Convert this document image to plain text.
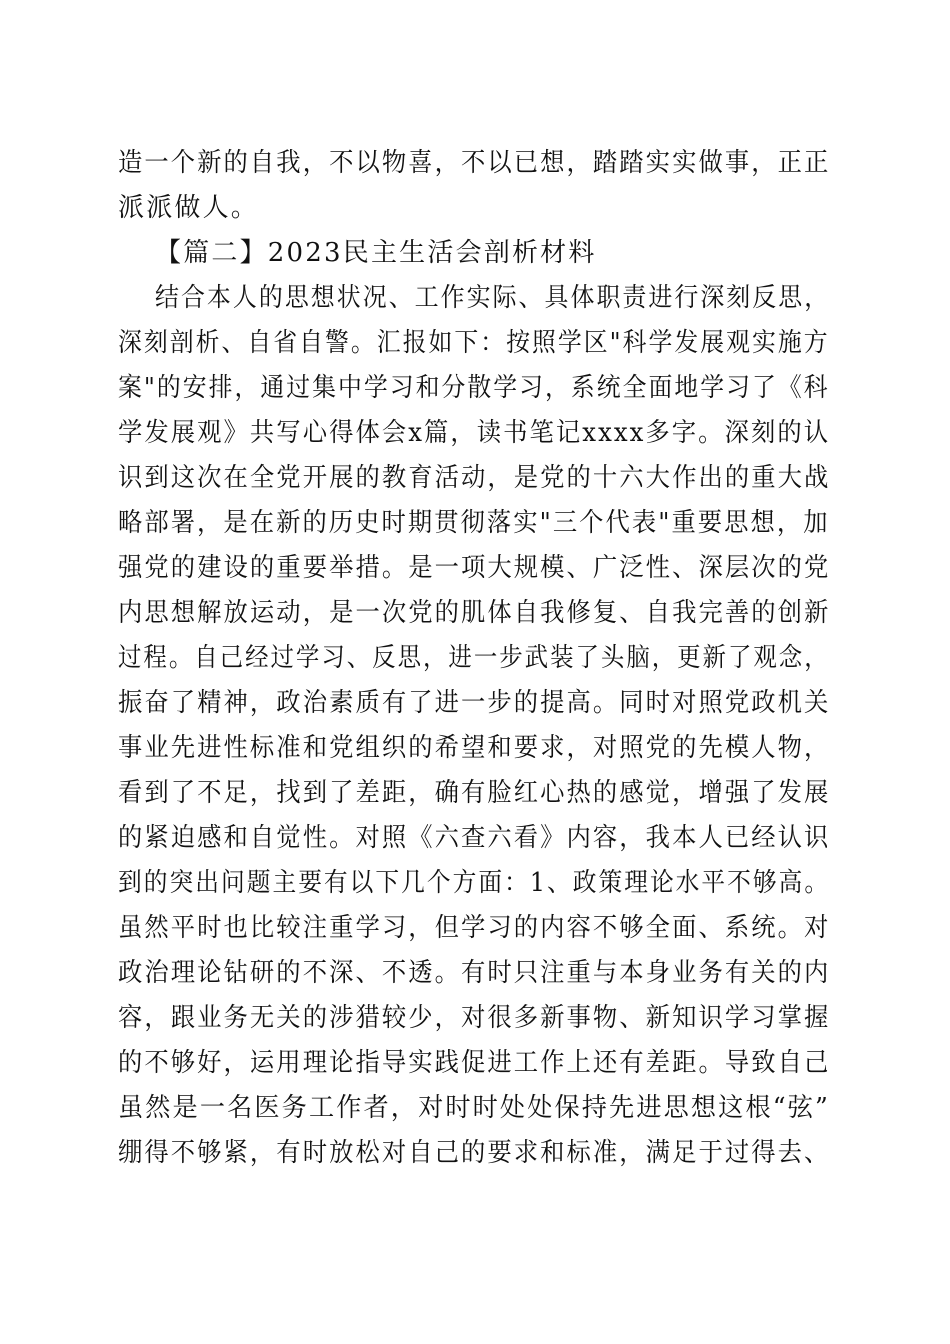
造一个新的自我，不以物喜，不以已想，踏踏实实做事，正正
派派做人。
【篇二】2023民主生活会剖析材料
结合本人的思想状况、工作实际、具体职责进行深刻反思，
深刻剖析、自省自警。汇报如下：按照学区"科学发展观实施方
案"的安排，通过集中学习和分散学习，系统全面地学习了《科
学发展观》共写心得体会x篇，读书笔记xxxx多字。深刻的认
识到这次在全党开展的教育活动，是党的十六大作出的重大战
略部署，是在新的历史时期贯彻落实"三个代表"重要思想，加
强党的建设的重要举措。是一项大规模、广泛性、深层次的党
内思想解放运动，是一次党的肌体自我修复、自我完善的创新
过程。自己经过学习、反思，进一步武装了头脑，更新了观念，
振奋了精神，政治素质有了进一步的提高。同时对照党政机关
事业先进性标准和党组织的希望和要求，对照党的先模人物，
看到了不足，找到了差距，确有脸红心热的感觉，增强了发展
的紧迫感和自觉性。对照《六查六看》内容，我本人已经认识
到的突出问题主要有以下几个方面：1、政策理论水平不够高。
虽然平时也比较注重学习，但学习的内容不够全面、系统。对
政治理论钻研的不深、不透。有时只注重与本身业务有关的内
容，跟业务无关的涉猎较少，对很多新事物、新知识学习掌握
的不够好，运用理论指导实践促进工作上还有差距。导致自己
虽然是一名医务工作者，对时时处处保持先进思想这根“弦”
绷得不够紧，有时放松对自己的要求和标准，满足于过得去、
